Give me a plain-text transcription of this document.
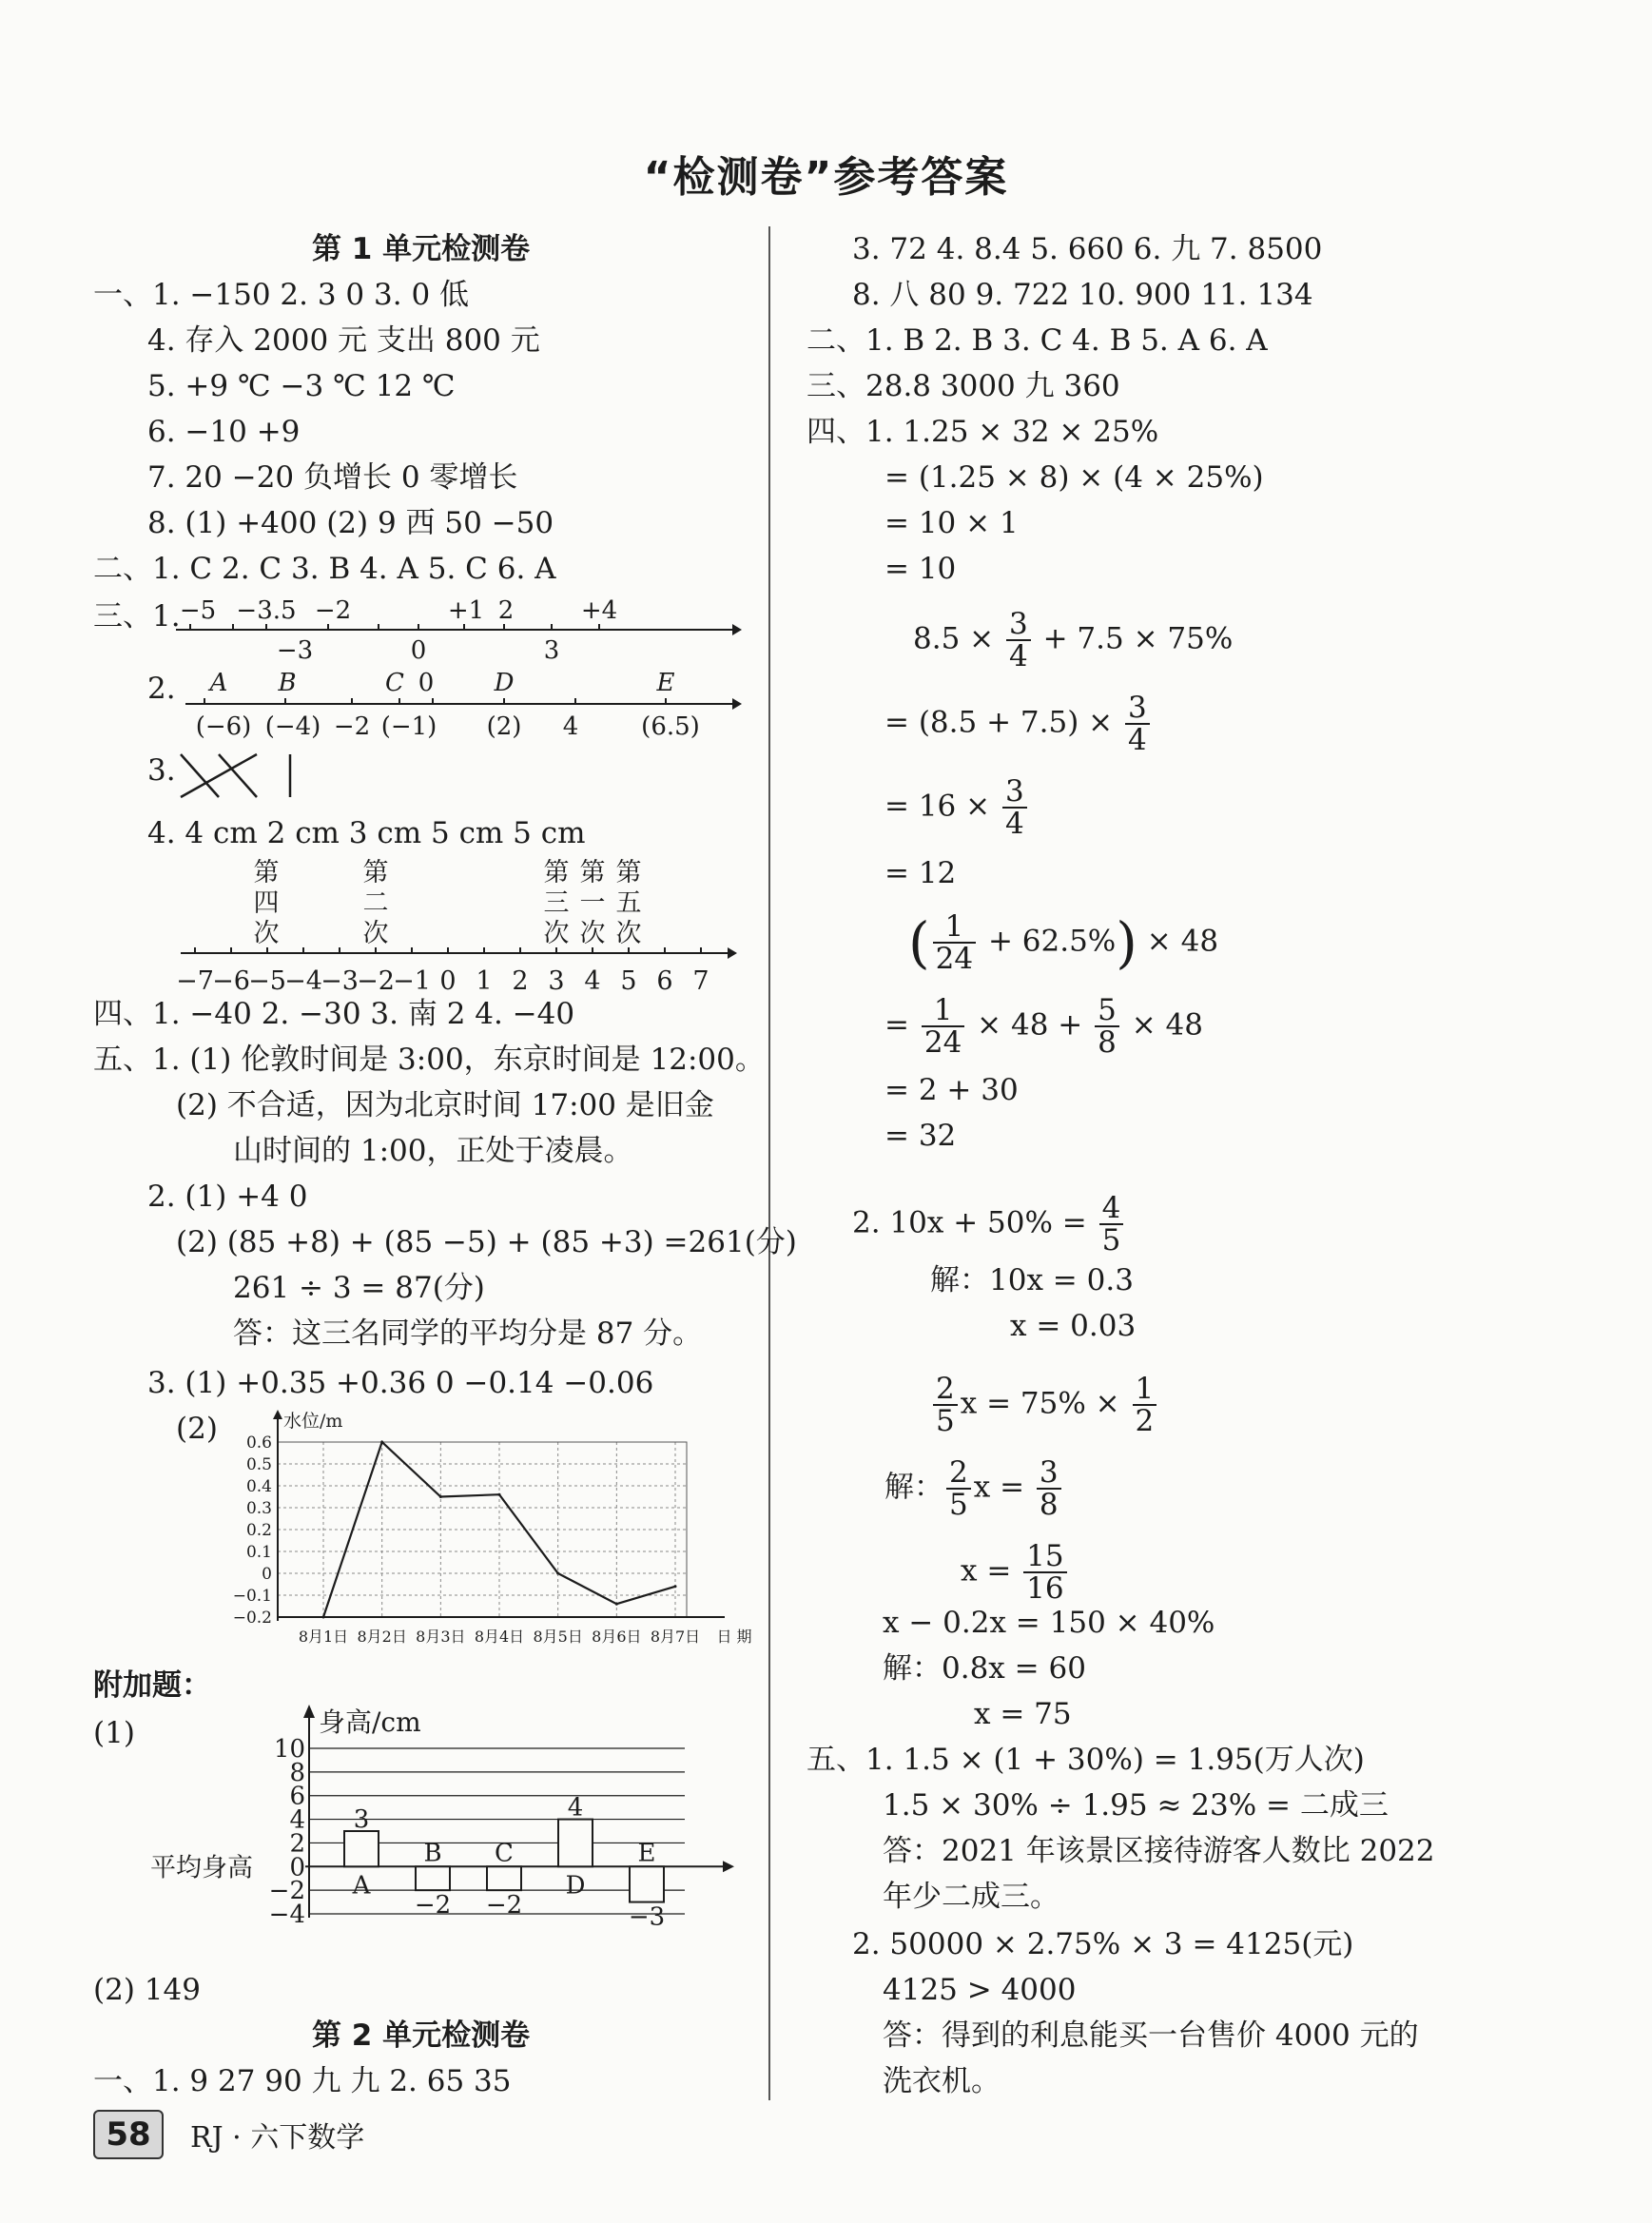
“检测卷”参考答案
第 1 单元检测卷
一、1. −150 2. 3 0 3. 0 低
4. 存入 2000 元 支出 800 元
5. +9 ℃ −3 ℃ 12 ℃
6. −10 +9
7. 20 −20 负增长 0 零增长
8. (1) +400 (2) 9 西 50 −50
二、1. C 2. C 3. B 4. A 5. C 6. A
三、1. −5 −3.5 −2	+1 2	+4
−3	0	3
2. A B	C 0 D	E
(−6) (−4) −2 (−1) (2) 4	(6.5)
3.
4. 4 cm 2 cm 3 cm 5 cm 5 cm
第
四
次
第
二
次
第
三
次
第
一
次
第
五
次
−7
−6
−5
−4
−3
−2
−1 0 1 2 3 4 5 6 7
四、1. −40 2. −30 3. 南 2 4. −40
五、1. (1) 伦敦时间是 3:00，东京时间是 12:00。
(2) 不合适，因为北京时间 17:00 是旧金
山时间的 1:00，正处于凌晨。
2. (1) +4 0
(2) (85 +8) + (85 −5) + (85 +3) =261(分)
261 ÷ 3 = 87(分)
答：这三名同学的平均分是 87 分。
3. (1) +0.35 +0.36 0 −0.14 −0.06
(2) 0.6
0.5
0.4
0.3
0.2
0.1
0
−0.1
−0.2
8月1日 8月2日 8月3日 8月4日 8月5日 8月6日 8月7日
水位/m
日 期
附加题：
(1)	10
8
6
4
2
0
−2
−4
身高/cm
平均身高
A
3
B
−2
C
−2
D
4
E
−3
(2) 149
第 2 单元检测卷
一、1. 9 27 90 九 九 2. 65 35
3. 72 4. 8.4 5. 660 6. 九 7. 8500
8. 八 80 9. 722 10. 900 11. 134
二、1. B 2. B 3. C 4. B 5. A 6. A
三、28.8 3000 九 360
四、1. 1.25 × 32 × 25%
= (1.25 × 8) × (4 × 25%)
= 10 × 1
= 10
$8.5 \times \frac{3}{4} + 7.5 \times 75\%$
= $(8.5 + 7.5) \times \frac{3}{4}$
= $16 \times \frac{3}{4}$
= 12
( $\frac{1}{24} + 62.5\%) \times 48$
= $\frac{1}{24} \times 48 + \frac{5}{8} \times 48$
= 2 + 30
= 32
2. $10x + 50\% = \frac{4}{5}$
解：10x = 0.3
x = 0.03
$\frac{2}{5}$ $x = 75\% \times \frac{1}{2}$
解： $\frac{2}{5}$ $x = \frac{3}{8}$
$x = \frac{15}{16}$
x − 0.2x = 150 × 40%
解：0.8x = 60
x = 75
五、1. 1.5 × (1 + 30%) = 1.95(万人次)
1.5 × 30% ÷ 1.95 ≈ 23% = 二成三
答：2021 年该景区接待游客人数比 2022
年少二成三。
2. 50000 × 2.75% × 3 = 4125(元)
4125 > 4000
答：得到的利息能买一台售价 4000 元的
洗衣机。
58	RJ · 六下数学
